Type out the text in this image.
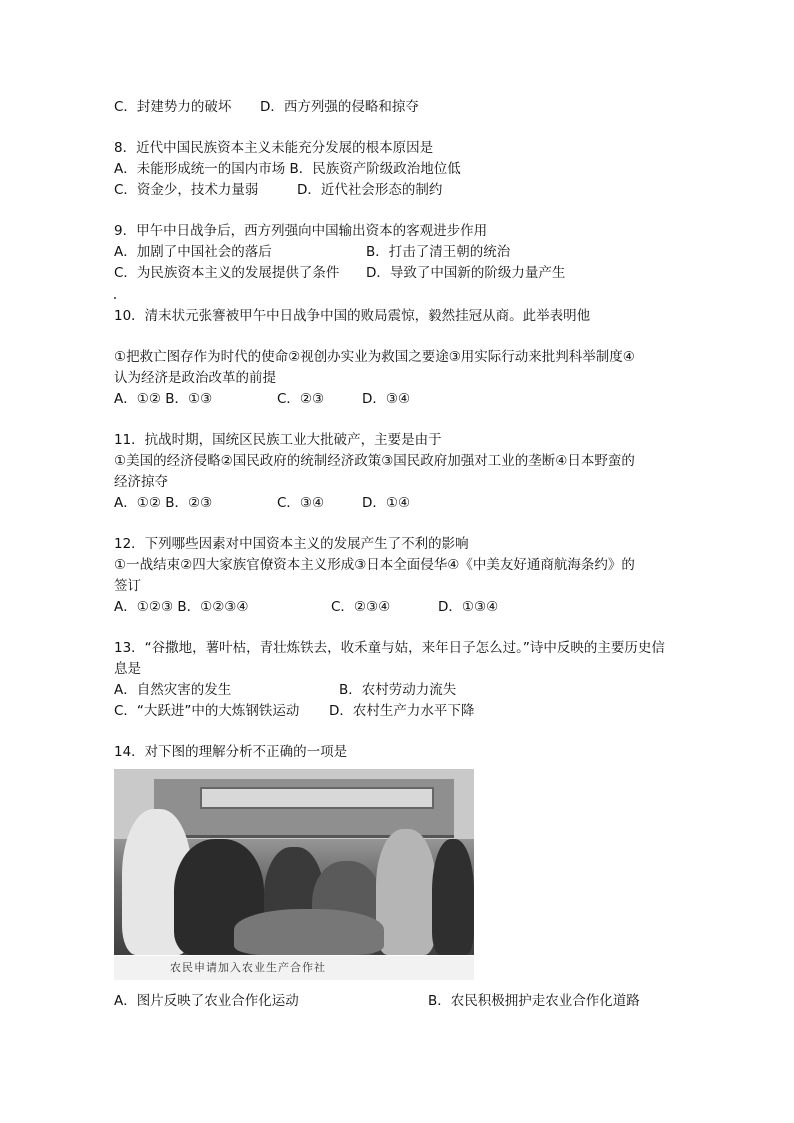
C．封建势力的破坏 D．西方列强的侵略和掠夺
8．近代中国民族资本主义未能充分发展的根本原因是
A．未能形成统一的国内市场 B．民族资产阶级政治地位低
C．资金少，技术力量弱	D．近代社会形态的制约
9．甲午中日战争后，西方列强向中国输出资本的客观进步作用
A．加剧了中国社会的落后	B．打击了清王朝的统治
C．为民族资本主义的发展提供了条件 D．导致了中国新的阶级力量产生
10．清末状元张謇被甲午中日战争中国的败局震惊，毅然挂冠从商。此举表明他
①把救亡图存作为时代的使命②视创办实业为救国之要途③用实际行动来批判科举制度④
认为经济是政治改革的前提
A．①② B．①③	C．②③	D．③④
11．抗战时期，国统区民族工业大批破产，主要是由于
①美国的经济侵略②国民政府的统制经济政策③国民政府加强对工业的垄断④日本野蛮的
经济掠夺
A．①② B．②③	C．③④	D．①④
12．下列哪些因素对中国资本主义的发展产生了不利的影响
①一战结束②四大家族官僚资本主义形成③日本全面侵华④《中美友好通商航海条约》的
签订
A．①②③ B．①②③④	C．②③④	D．①③④
13．“谷撒地，薯叶枯，青壮炼铁去，收禾童与姑，来年日子怎么过。”诗中反映的主要历史信
息是
A．自然灾害的发生	B．农村劳动力流失
C．“大跃进”中的大炼钢铁运动 D．农村生产力水平下降
14．对下图的理解分析不正确的一项是
农民申请加入农业生产合作社
A．图片反映了农业合作化运动	B．农民积极拥护走农业合作化道路
